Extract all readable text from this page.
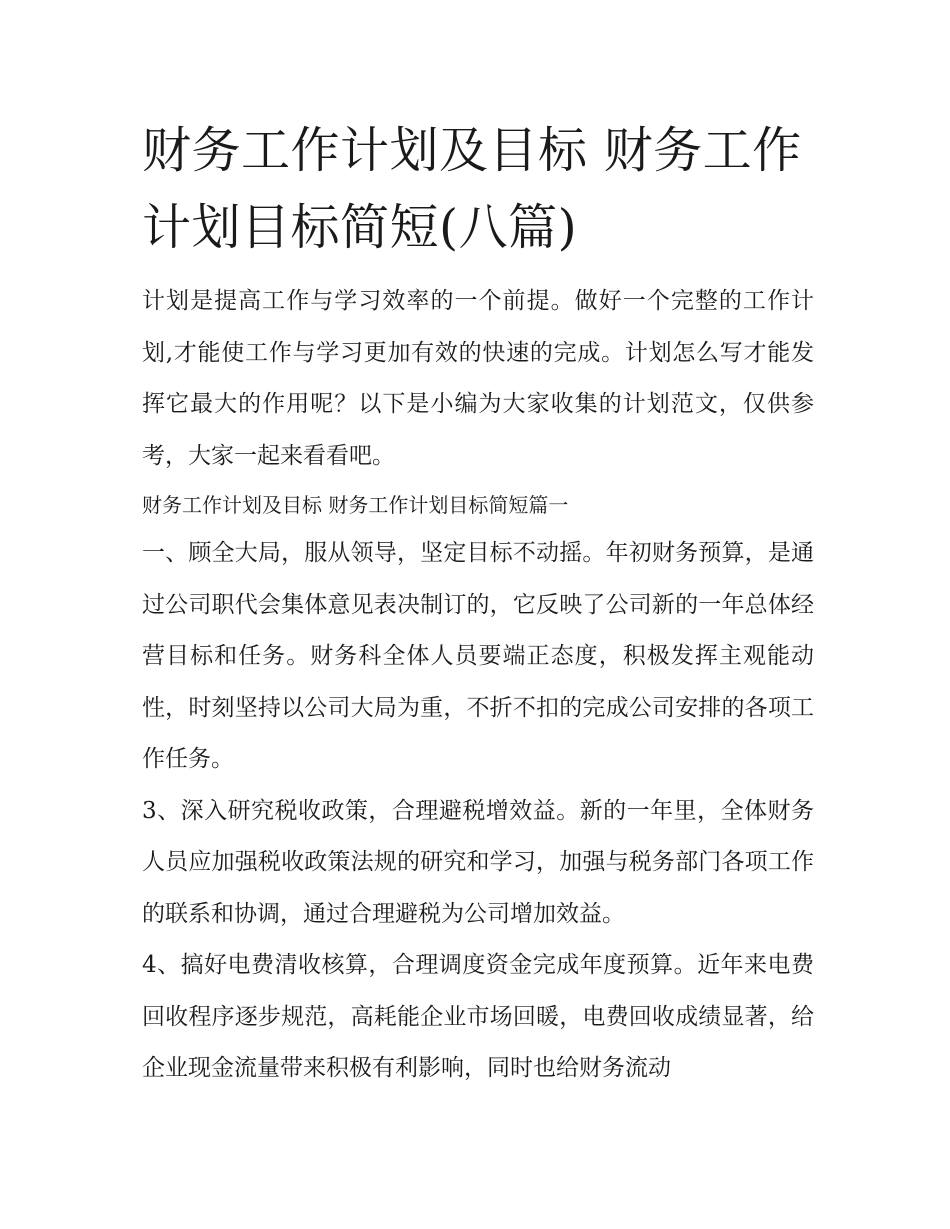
财务工作计划及目标 财务工作计划目标简短(八篇)

计划是提高工作与学习效率的一个前提。做好一个完整的工作计划,才能使工作与学习更加有效的快速的完成。计划怎么写才能发挥它最大的作用呢？以下是小编为大家收集的计划范文，仅供参考，大家一起来看看吧。

财务工作计划及目标 财务工作计划目标简短篇一

一、顾全大局，服从领导，坚定目标不动摇。年初财务预算，是通过公司职代会集体意见表决制订的，它反映了公司新的一年总体经营目标和任务。财务科全体人员要端正态度，积极发挥主观能动性，时刻坚持以公司大局为重，不折不扣的完成公司安排的各项工作任务。

3、深入研究税收政策，合理避税增效益。新的一年里，全体财务人员应加强税收政策法规的研究和学习，加强与税务部门各项工作的联系和协调，通过合理避税为公司增加效益。

4、搞好电费清收核算，合理调度资金完成年度预算。近年来电费回收程序逐步规范，高耗能企业市场回暖，电费回收成绩显著，给企业现金流量带来积极有利影响，同时也给财务流动
